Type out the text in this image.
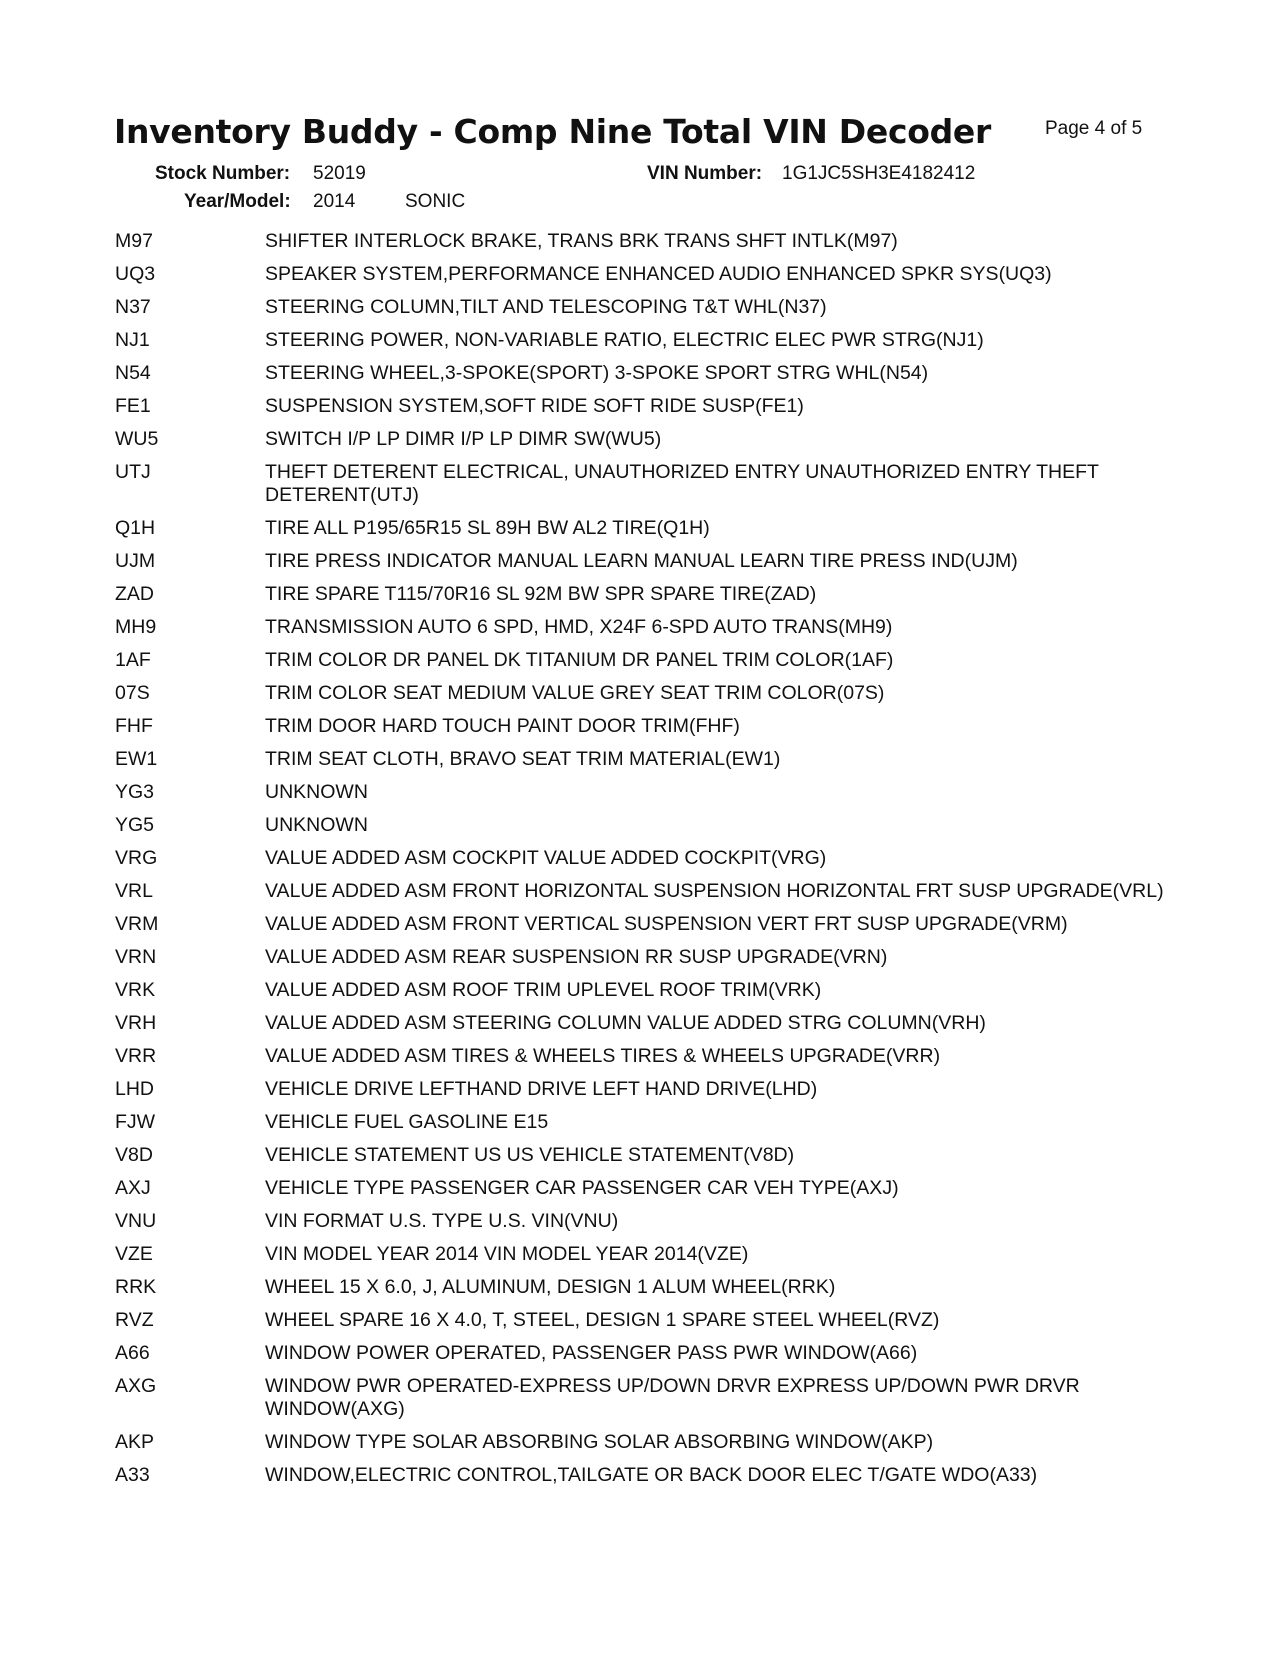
Inventory Buddy - Comp Nine Total VIN Decoder	Page 4 of 5
Stock Number: 52019	VIN Number: 1G1JC5SH3E4182412
Year/Model: 2014	SONIC
M97	SHIFTER INTERLOCK BRAKE, TRANS BRK TRANS SHFT INTLK(M97)
UQ3	SPEAKER SYSTEM,PERFORMANCE ENHANCED AUDIO ENHANCED SPKR SYS(UQ3)
N37	STEERING COLUMN,TILT AND TELESCOPING T&T WHL(N37)
NJ1	STEERING POWER, NON-VARIABLE RATIO, ELECTRIC ELEC PWR STRG(NJ1)
N54	STEERING WHEEL,3-SPOKE(SPORT) 3-SPOKE SPORT STRG WHL(N54)
FE1	SUSPENSION SYSTEM,SOFT RIDE SOFT RIDE SUSP(FE1)
WU5	SWITCH I/P LP DIMR I/P LP DIMR SW(WU5)
UTJ	THEFT DETERENT ELECTRICAL, UNAUTHORIZED ENTRY UNAUTHORIZED ENTRY THEFT DETERENT(UTJ)
Q1H	TIRE ALL P195/65R15 SL 89H BW AL2 TIRE(Q1H)
UJM	TIRE PRESS INDICATOR MANUAL LEARN MANUAL LEARN TIRE PRESS IND(UJM)
ZAD	TIRE SPARE T115/70R16 SL 92M BW SPR SPARE TIRE(ZAD)
MH9	TRANSMISSION AUTO 6 SPD, HMD, X24F 6-SPD AUTO TRANS(MH9)
1AF	TRIM COLOR DR PANEL DK TITANIUM DR PANEL TRIM COLOR(1AF)
07S	TRIM COLOR SEAT MEDIUM VALUE GREY SEAT TRIM COLOR(07S)
FHF	TRIM DOOR HARD TOUCH PAINT DOOR TRIM(FHF)
EW1	TRIM SEAT CLOTH, BRAVO SEAT TRIM MATERIAL(EW1)
YG3	UNKNOWN
YG5	UNKNOWN
VRG	VALUE ADDED ASM COCKPIT VALUE ADDED COCKPIT(VRG)
VRL	VALUE ADDED ASM FRONT HORIZONTAL SUSPENSION HORIZONTAL FRT SUSP UPGRADE(VRL)
VRM	VALUE ADDED ASM FRONT VERTICAL SUSPENSION VERT FRT SUSP UPGRADE(VRM)
VRN	VALUE ADDED ASM REAR SUSPENSION RR SUSP UPGRADE(VRN)
VRK	VALUE ADDED ASM ROOF TRIM UPLEVEL ROOF TRIM(VRK)
VRH	VALUE ADDED ASM STEERING COLUMN VALUE ADDED STRG COLUMN(VRH)
VRR	VALUE ADDED ASM TIRES & WHEELS TIRES & WHEELS UPGRADE(VRR)
LHD	VEHICLE DRIVE LEFTHAND DRIVE LEFT HAND DRIVE(LHD)
FJW	VEHICLE FUEL GASOLINE E15
V8D	VEHICLE STATEMENT US US VEHICLE STATEMENT(V8D)
AXJ	VEHICLE TYPE PASSENGER CAR PASSENGER CAR VEH TYPE(AXJ)
VNU	VIN FORMAT U.S. TYPE U.S. VIN(VNU)
VZE	VIN MODEL YEAR 2014 VIN MODEL YEAR 2014(VZE)
RRK	WHEEL 15 X 6.0, J, ALUMINUM, DESIGN 1 ALUM WHEEL(RRK)
RVZ	WHEEL SPARE 16 X 4.0, T, STEEL, DESIGN 1 SPARE STEEL WHEEL(RVZ)
A66	WINDOW POWER OPERATED, PASSENGER PASS PWR WINDOW(A66)
AXG	WINDOW PWR OPERATED-EXPRESS UP/DOWN DRVR EXPRESS UP/DOWN PWR DRVR WINDOW(AXG)
AKP	WINDOW TYPE SOLAR ABSORBING SOLAR ABSORBING WINDOW(AKP)
A33	WINDOW,ELECTRIC CONTROL,TAILGATE OR BACK DOOR ELEC T/GATE WDO(A33)
